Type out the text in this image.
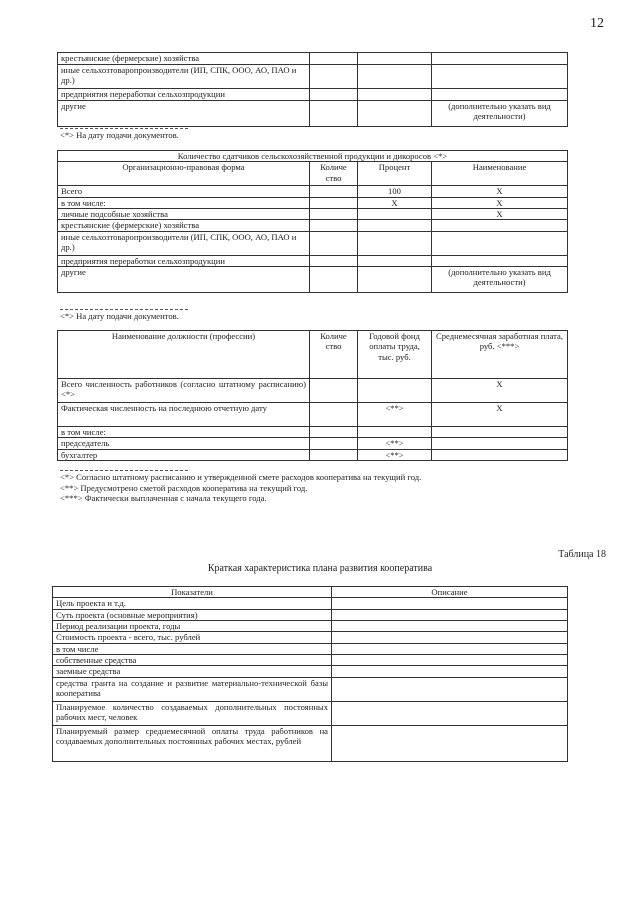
12
крестьянские (фермерские) хозяйства			
иные сельхозтоваропроизводители (ИП, СПК, ООО, АО, ПАО и др.)			
предприятия переработки сельхозпродукции			
другие			(дополнительно указать вид деятельности)
<*> На дату подачи документов.
Количество сдатчиков сельскохозяйственной продукции и дикоросов <*>			
Организационно-правовая форма	Количе ство	Процент	Наименование
Всего		100	X
в том числе:		X	X
личные подсобные хозяйства			X
крестьянские (фермерские) хозяйства			
иные сельхозтоваропроизводители (ИП, СПК, ООО, АО, ПАО и др.)			
предприятия переработки сельхозпродукции			
другие			(дополнительно указать вид деятельности)
<*> На дату подачи документов.
Наименование должности (профессии)	Количе ство	Годовой фонд оплаты труда, тыс. руб.	Среднемесячная заработная плата, руб. <***>
Всего численность работников (согласно штатному расписанию) <*>			X
Фактическая численность на последнюю отчетную дату		<**>	X
в том числе:			
председатель		<**>	
бухгалтер		<**>	
<*> Согласно штатному расписанию и утвержденной смете расходов кооператива на текущий год.
<**> Предусмотрено сметой расходов кооператива на текущий год.
<***> Фактически выплаченная с начала текущего года.
Таблица 18
Краткая характеристика плана развития кооператива
Показатели	Описание
Цель проекта и т.д.	
Суть проекта (основные мероприятия)	
Период реализации проекта, годы	
Стоимость проекта - всего, тыс. рублей	
в том числе	
собственные средства	
заемные средства	
средства гранта на создание и развитие материально-технической базы кооператива	
Планируемое количество создаваемых дополнительных постоянных рабочих мест, человек	
Планируемый размер среднемесячной оплаты труда работников на создаваемых дополнительных постоянных рабочих местах, рублей	
